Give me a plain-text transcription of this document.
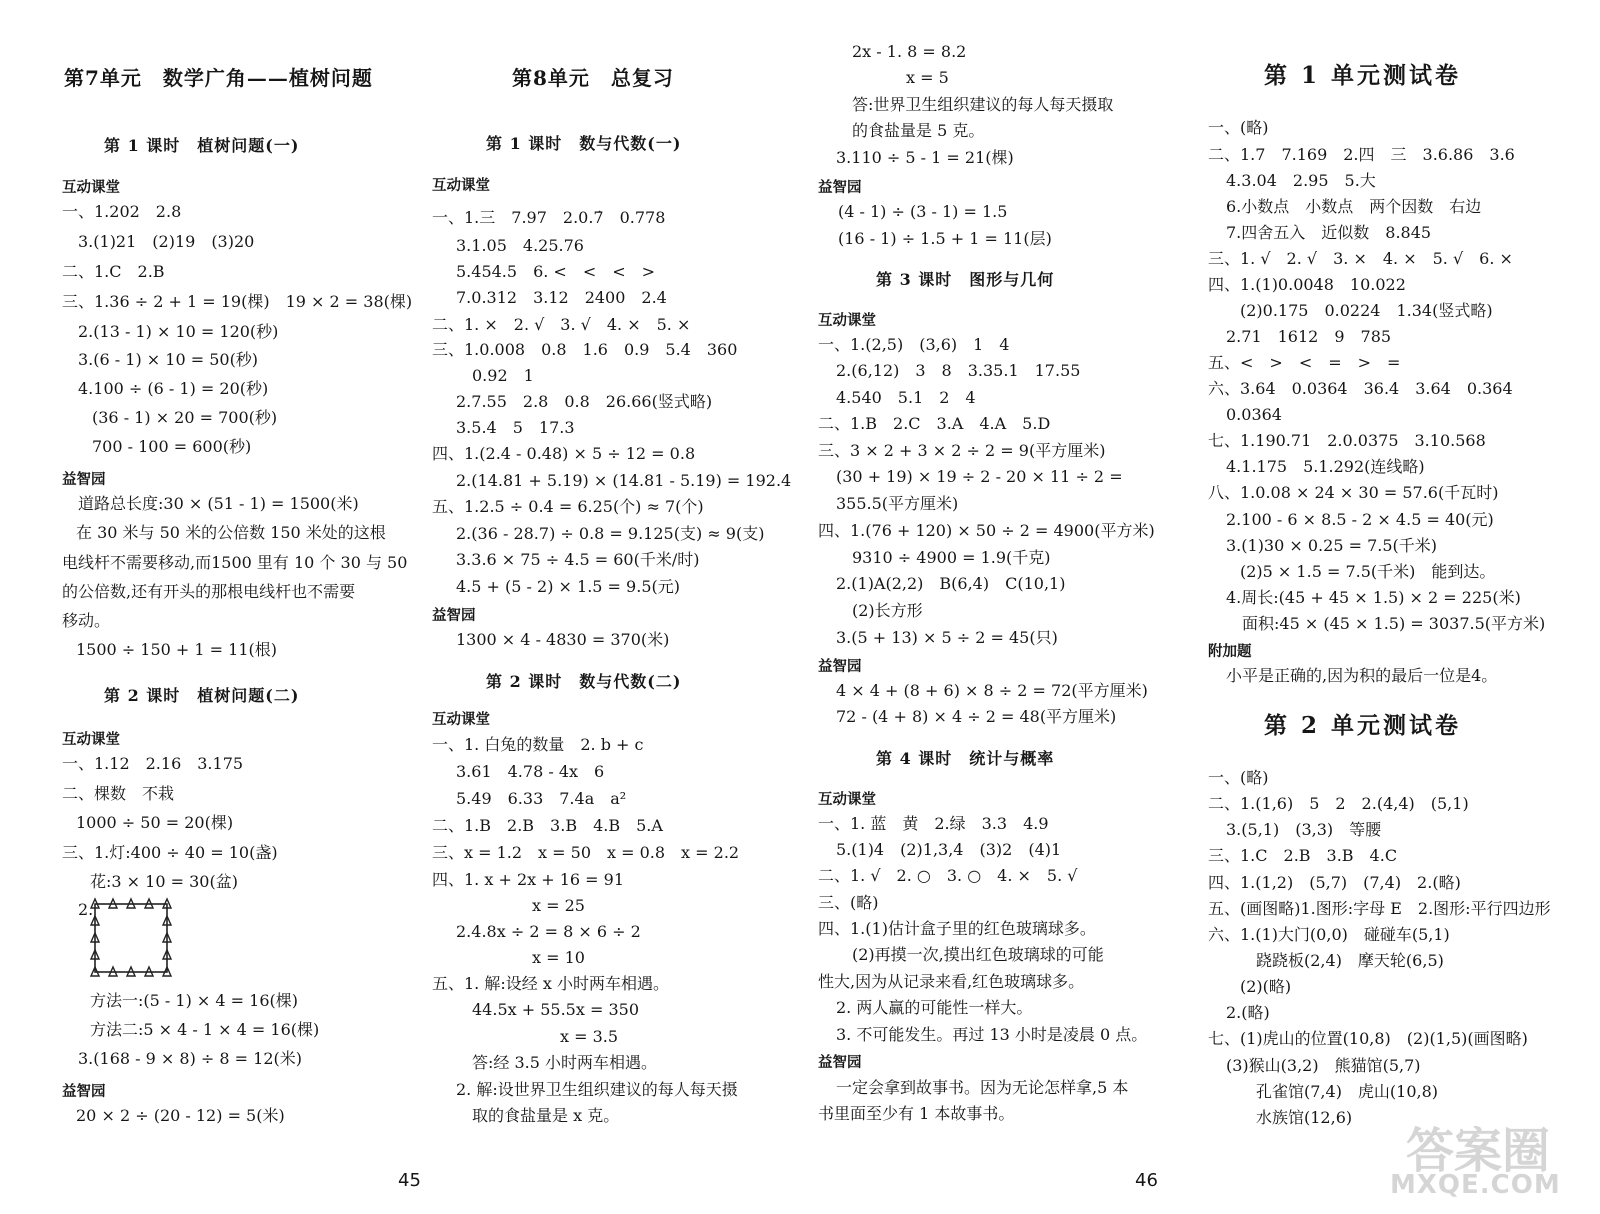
第7单元　数学广角——植树问题
第 1 课时　植树问题(一)
互动课堂
一、1.202　2.8
3.(1)21　(2)19　(3)20
二、1.C　2.B
三、1.36 ÷ 2 + 1 = 19(棵)　19 × 2 = 38(棵)
2.(13 - 1) × 10 = 120(秒)
3.(6 - 1) × 10 = 50(秒)
4.100 ÷ (6 - 1) = 20(秒)
(36 - 1) × 20 = 700(秒)
700 - 100 = 600(秒)
益智园
道路总长度:30 × (51 - 1) = 1500(米)
在 30 米与 50 米的公倍数 150 米处的这根
电线杆不需要移动,而1500 里有 10 个 30 与 50
的公倍数,还有开头的那根电线杆也不需要
移动。
1500 ÷ 150 + 1 = 11(根)
第 2 课时　植树问题(二)
互动课堂
一、1.12　2.16　3.175
二、棵数　不栽
1000 ÷ 50 = 20(棵)
三、1.灯:400 ÷ 40 = 10(盏)
花:3 × 10 = 30(盆)
2.
方法一:(5 - 1) × 4 = 16(棵)
方法二:5 × 4 - 1 × 4 = 16(棵)
3.(168 - 9 × 8) ÷ 8 = 12(米)
益智园
20 × 2 ÷ (20 - 12) = 5(米)
第8单元　总复习
第 1 课时　数与代数(一)
互动课堂
一、1.三　7.97　2.0.7̇　0.778
3.1.05　4.25.76
5.454.5　6. <　<　<　>
7.0.312　3.12　2400　2.4
二、1. ×　2. √　3. √　4. ×　5. ×
三、1.0.008　0.8　1.6　0.9　5.4　360
0.92　1
2.7.55　2.8　0.8　26.66(竖式略)
3.5.4　5　17.3
四、1.(2.4 - 0.48) × 5 ÷ 12 = 0.8
2.(14.81 + 5.19) × (14.81 - 5.19) = 192.4
五、1.2.5 ÷ 0.4 = 6.25(个) ≈ 7(个)
2.(36 - 28.7) ÷ 0.8 = 9.125(支) ≈ 9(支)
3.3.6 × 75 ÷ 4.5 = 60(千米/时)
4.5 + (5 - 2) × 1.5 = 9.5(元)
益智园
1300 × 4 - 4830 = 370(米)
第 2 课时　数与代数(二)
互动课堂
一、1. 白兔的数量　2. b + c
3.61　4.78 - 4x　6
5.49　6.33　7.4a　a²
二、1.B　2.B　3.B　4.B　5.A
三、x = 1.2　x = 50　x = 0.8　x = 2.2
四、1. x + 2x + 16 = 91
x = 25
2.4.8x ÷ 2 = 8 × 6 ÷ 2
x = 10
五、1. 解:设经 x 小时两车相遇。
44.5x + 55.5x = 350
x = 3.5
答:经 3.5 小时两车相遇。
2. 解:设世界卫生组织建议的每人每天摄
取的食盐量是 x 克。
2x - 1. 8 = 8.2
x = 5
答:世界卫生组织建议的每人每天摄取
的食盐量是 5 克。
3.110 ÷ 5 - 1 = 21(棵)
益智园
(4 - 1) ÷ (3 - 1) = 1.5
(16 - 1) ÷ 1.5 + 1 = 11(层)
第 3 课时　图形与几何
互动课堂
一、1.(2,5)　(3,6)　1　4
2.(6,12)　3　8　3.35.1　17.55
4.540　5.1　2　4
二、1.B　2.C　3.A　4.A　5.D
三、3 × 2 + 3 × 2 ÷ 2 = 9(平方厘米)
(30 + 19) × 19 ÷ 2 - 20 × 11 ÷ 2 =
355.5(平方厘米)
四、1.(76 + 120) × 50 ÷ 2 = 4900(平方米)
9310 ÷ 4900 = 1.9(千克)
2.(1)A(2,2)　B(6,4)　C(10,1)
(2)长方形
3.(5 + 13) × 5 ÷ 2 = 45(只)
益智园
4 × 4 + (8 + 6) × 8 ÷ 2 = 72(平方厘米)
72 - (4 + 8) × 4 ÷ 2 = 48(平方厘米)
第 4 课时　统计与概率
互动课堂
一、1. 蓝　黄　2.绿　3.3　4.9
5.(1)4　(2)1,3,4　(3)2　(4)1
二、1. √　2. ○　3. ○　4. ×　5. √
三、(略)
四、1.(1)估计盒子里的红色玻璃球多。
(2)再摸一次,摸出红色玻璃球的可能
性大,因为从记录来看,红色玻璃球多。
2. 两人赢的可能性一样大。
3. 不可能发生。再过 13 小时是凌晨 0 点。
益智园
一定会拿到故事书。因为无论怎样拿,5 本
书里面至少有 1 本故事书。
第 1 单元测试卷
一、(略)
二、1.7　7.169　2.四　三　3.6.86　3.6
4.3.04　2.95　5.大
6.小数点　小数点　两个因数　右边
7.四舍五入　近似数　8.845
三、1. √　2. √　3. ×　4. ×　5. √　6. ×
四、1.(1)0.0048　10.022
(2)0.175　0.0224　1.34(竖式略)
2.71　1612　9　785
五、<　>　<　=　>　=
六、3.64　0.0364　36.4　3.64　0.364
0.0364
七、1.190.71　2.0.0375　3.10.568
4.1.175　5.1.292(连线略)
八、1.0.08 × 24 × 30 = 57.6(千瓦时)
2.100 - 6 × 8.5 - 2 × 4.5 = 40(元)
3.(1)30 × 0.25 = 7.5(千米)
(2)5 × 1.5 = 7.5(千米)　能到达。
4.周长:(45 + 45 × 1.5) × 2 = 225(米)
面积:45 × (45 × 1.5) = 3037.5(平方米)
附加题
小平是正确的,因为积的最后一位是4。
第 2 单元测试卷
一、(略)
二、1.(1,6)　5　2　2.(4,4)　(5,1)
3.(5,1)　(3,3)　等腰
三、1.C　2.B　3.B　4.C
四、1.(1,2)　(5,7)　(7,4)　2.(略)
五、(画图略)1.图形:字母 E　2.图形:平行四边形
六、1.(1)大门(0,0)　碰碰车(5,1)
跷跷板(2,4)　摩天轮(6,5)
(2)(略)
2.(略)
七、(1)虎山的位置(10,8)　(2)(1,5)(画图略)
(3)猴山(3,2)　熊猫馆(5,7)
孔雀馆(7,4)　虎山(10,8)
水族馆(12,6)
45	46
答案圈
MXQE.COM
